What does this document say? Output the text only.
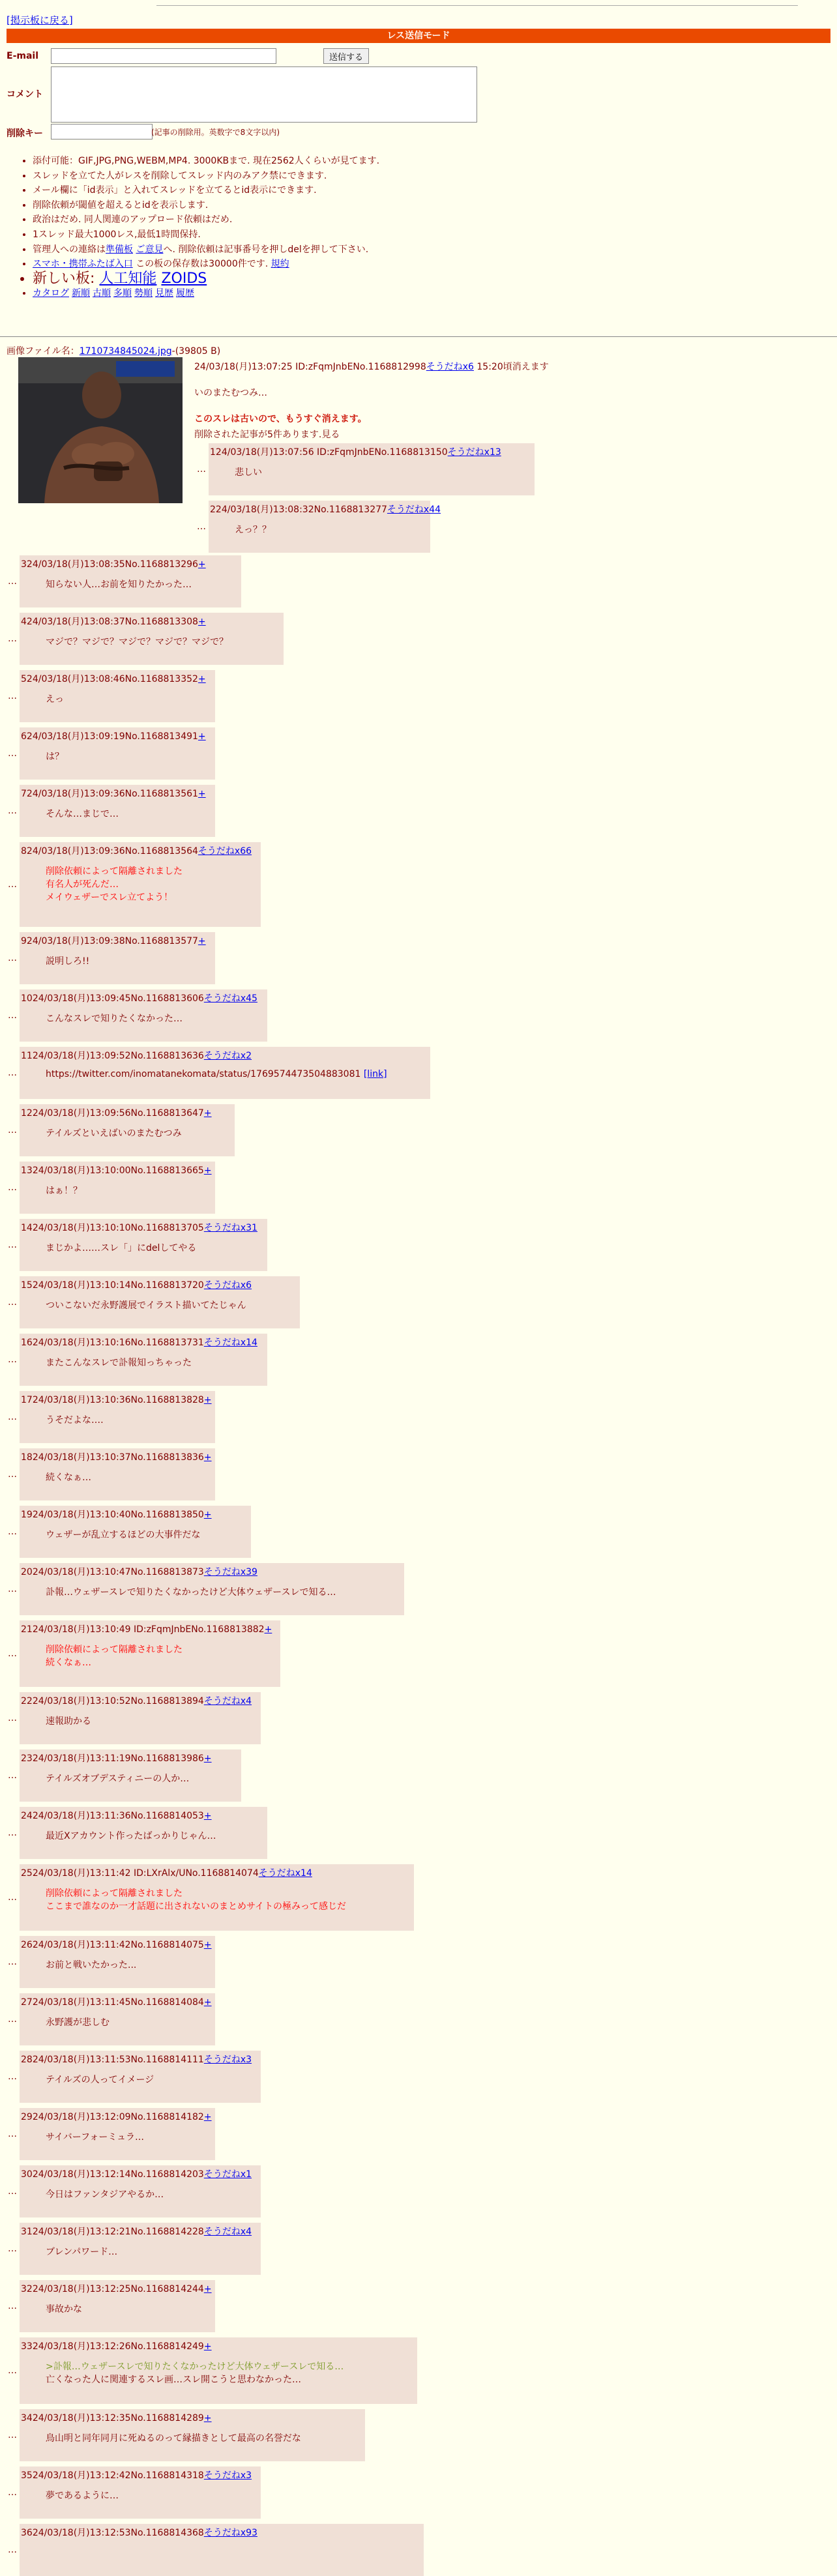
[掲示板に戻る]
レス送信モード
E-mail	送信する
コメント
削除キー	(記事の削除用。英数字で8文字以内)
• 添付可能：GIF,JPG,PNG,WEBM,MP4. 3000KBまで. 現在2562人くらいが見てます.
• スレッドを立てた人がレスを削除してスレッド内のみアク禁にできます.
• メール欄に「id表示」と入れてスレッドを立てるとid表示にできます.
• 削除依頼が閾値を超えるとidを表示します.
• 政治はだめ. 同人関連のアップロード依頼はだめ.
• 1スレッド最大1000レス,最低1時間保持.
• 管理人への連絡は準備板 ご意見へ. 削除依頼は記事番号を押しdelを押して下さい.
• スマホ・携帯ふたば入口 この板の保存数は30000件です. 規約
• 新しい板: 人工知能 ZOIDS
• カタログ 新順 古順 多順 勢順 見歴 履歴
画像ファイル名：1710734845024.jpg-(39805 B)
24/03/18(月)13:07:25 ID:zFqmJnbENo.1168812998そうだねx6 15:20頃消えます
いのまたむつみ…
このスレは古いので、もうすぐ消えます。
削除された記事が5件あります.見る
…
124/03/18(月)13:07:56 ID:zFqmJnbENo.1168813150そうだねx13
悲しい
…
224/03/18(月)13:08:32No.1168813277そうだねx44
えっ？？
…
324/03/18(月)13:08:35No.1168813296+
知らない人…お前を知りたかった…
…
424/03/18(月)13:08:37No.1168813308+
マジで？マジで？マジで？マジで？マジで？
…
524/03/18(月)13:08:46No.1168813352+
えっ
…
624/03/18(月)13:09:19No.1168813491+
は？
…
724/03/18(月)13:09:36No.1168813561+
そんな…まじで…
…
824/03/18(月)13:09:36No.1168813564そうだねx66
削除依頼によって隔離されました
有名人が死んだ…
メイウェザーでスレ立てよう！
…
924/03/18(月)13:09:38No.1168813577+
説明しろ!!
…
1024/03/18(月)13:09:45No.1168813606そうだねx45
こんなスレで知りたくなかった…
…
1124/03/18(月)13:09:52No.1168813636そうだねx2
https://twitter.com/inomatanekomata/status/1769574473504883081 [link]
…
1224/03/18(月)13:09:56No.1168813647+
テイルズといえばいのまたむつみ
…
1324/03/18(月)13:10:00No.1168813665+
はぁ！？
…
1424/03/18(月)13:10:10No.1168813705そうだねx31
まじかよ……スレ「」にdelしてやる
…
1524/03/18(月)13:10:14No.1168813720そうだねx6
ついこないだ永野護展でイラスト描いてたじゃん
…
1624/03/18(月)13:10:16No.1168813731そうだねx14
またこんなスレで訃報知っちゃった
…
1724/03/18(月)13:10:36No.1168813828+
うそだよな‥‥
…
1824/03/18(月)13:10:37No.1168813836+
続くなぁ…
…
1924/03/18(月)13:10:40No.1168813850+
ウェザーが乱立するほどの大事件だな
…
2024/03/18(月)13:10:47No.1168813873そうだねx39
訃報…ウェザースレで知りたくなかったけど大体ウェザースレで知る…
…
2124/03/18(月)13:10:49 ID:zFqmJnbENo.1168813882+
削除依頼によって隔離されました
続くなぁ…
…
2224/03/18(月)13:10:52No.1168813894そうだねx4
速報助かる
…
2324/03/18(月)13:11:19No.1168813986+
テイルズオブデスティニーの人か…
…
2424/03/18(月)13:11:36No.1168814053+
最近Xアカウント作ったばっかりじゃん…
…
2524/03/18(月)13:11:42 ID:LXrAlx/UNo.1168814074そうだねx14
削除依頼によって隔離されました
ここまで誰なのか一才話題に出されないのまとめサイトの極みって感じだ
…
2624/03/18(月)13:11:42No.1168814075+
お前と戦いたかった...
…
2724/03/18(月)13:11:45No.1168814084+
永野護が悲しむ
…
2824/03/18(月)13:11:53No.1168814111そうだねx3
テイルズの人ってイメージ
…
2924/03/18(月)13:12:09No.1168814182+
サイバーフォーミュラ…
…
3024/03/18(月)13:12:14No.1168814203そうだねx1
今日はファンタジアやるか…
…
3124/03/18(月)13:12:21No.1168814228そうだねx4
ブレンパワード…
…
3224/03/18(月)13:12:25No.1168814244+
事故かな
…
3324/03/18(月)13:12:26No.1168814249+
>訃報…ウェザースレで知りたくなかったけど大体ウェザースレで知る…
亡くなった人に関連するスレ画…スレ開こうと思わなかった…
…
3424/03/18(月)13:12:35No.1168814289+
鳥山明と同年同月に死ぬるのって縁描きとして最高の名誉だな
…
3524/03/18(月)13:12:42No.1168814318そうだねx3
夢であるように…
…
3624/03/18(月)13:12:53No.1168814368そうだねx93
